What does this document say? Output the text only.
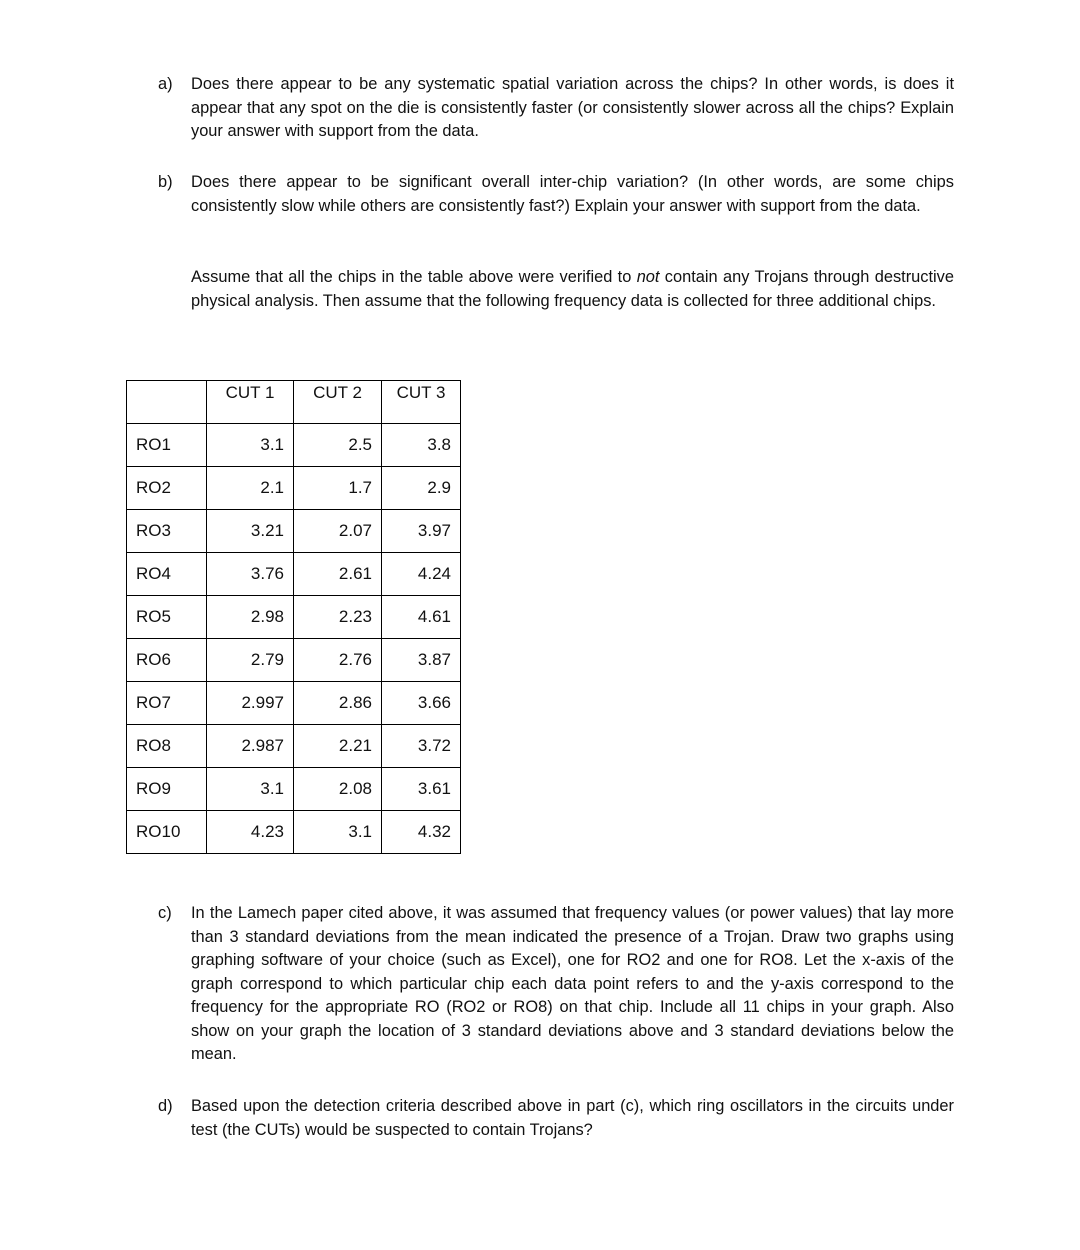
a) Does there appear to be any systematic spatial variation across the chips? In other words, is does it appear that any spot on the die is consistently faster (or consistently slower across all the chips? Explain your answer with support from the data.
b) Does there appear to be significant overall inter-chip variation? (In other words, are some chips consistently slow while others are consistently fast?) Explain your answer with support from the data.
Assume that all the chips in the table above were verified to not contain any Trojans through destructive physical analysis. Then assume that the following frequency data is collected for three additional chips.
	CUT 1	CUT 2	CUT 3
RO1	3.1	2.5	3.8
RO2	2.1	1.7	2.9
RO3	3.21	2.07	3.97
RO4	3.76	2.61	4.24
RO5	2.98	2.23	4.61
RO6	2.79	2.76	3.87
RO7	2.997	2.86	3.66
RO8	2.987	2.21	3.72
RO9	3.1	2.08	3.61
RO10	4.23	3.1	4.32
c) In the Lamech paper cited above, it was assumed that frequency values (or power values) that lay more than 3 standard deviations from the mean indicated the presence of a Trojan. Draw two graphs using graphing software of your choice (such as Excel), one for RO2 and one for RO8. Let the x-axis of the graph correspond to which particular chip each data point refers to and the y-axis correspond to the frequency for the appropriate RO (RO2 or RO8) on that chip. Include all 11 chips in your graph. Also show on your graph the location of 3 standard deviations above and 3 standard deviations below the mean.
d) Based upon the detection criteria described above in part (c), which ring oscillators in the circuits under test (the CUTs) would be suspected to contain Trojans?
